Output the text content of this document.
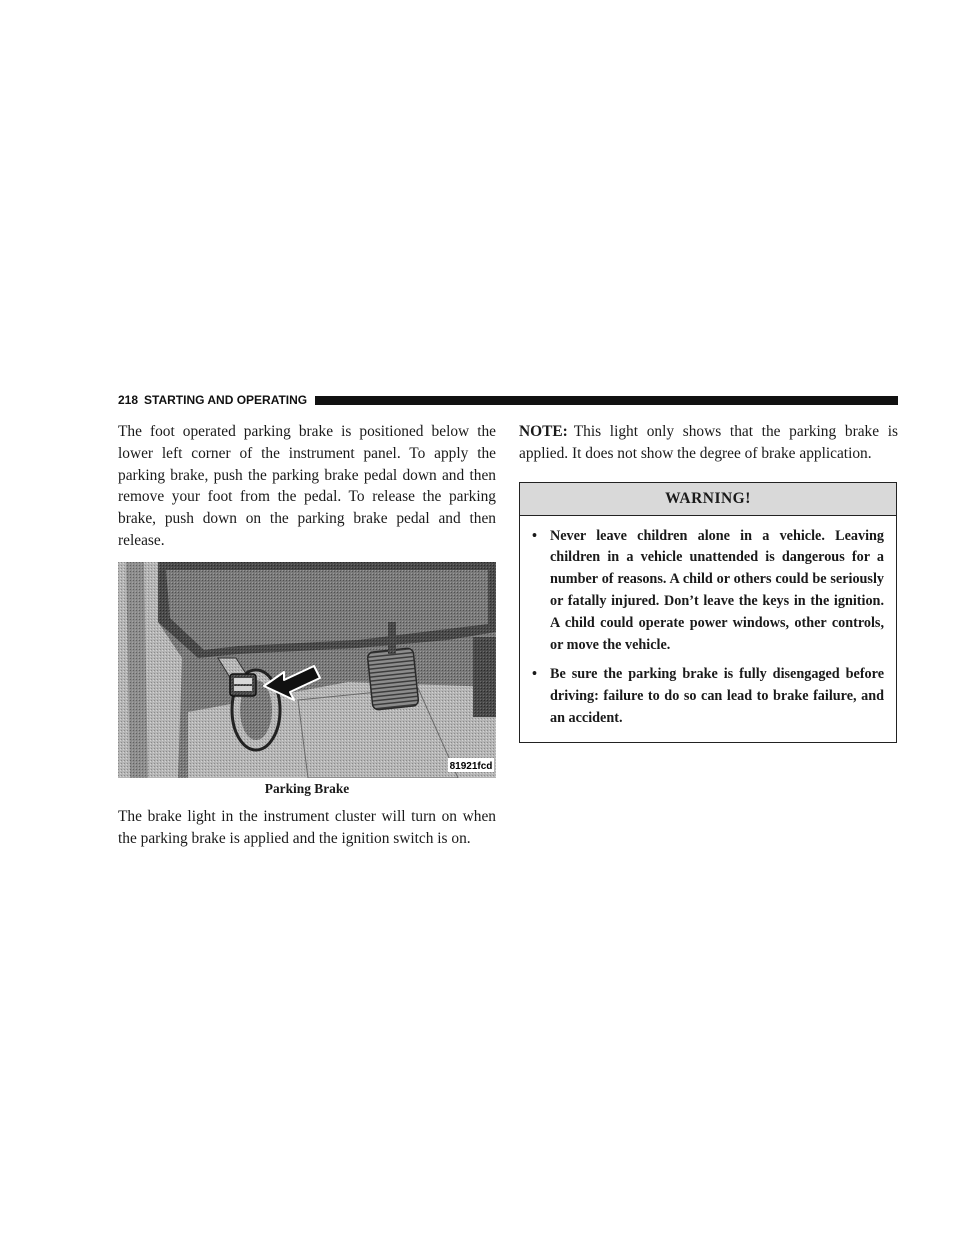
218 STARTING AND OPERATING

The foot operated parking brake is positioned below the lower left corner of the instrument panel. To apply the parking brake, push the parking brake pedal down and then remove your foot from the pedal. To release the parking brake, push down on the parking brake pedal and then release.

81921fcd
Parking Brake

The brake light in the instrument cluster will turn on when the parking brake is applied and the ignition switch is on.

NOTE: This light only shows that the parking brake is applied. It does not show the degree of brake application.

WARNING!
• Never leave children alone in a vehicle. Leaving children in a vehicle unattended is dangerous for a number of reasons. A child or others could be seriously or fatally injured. Don’t leave the keys in the ignition. A child could operate power windows, other controls, or move the vehicle.
• Be sure the parking brake is fully disengaged before driving: failure to do so can lead to brake failure, and an accident.
